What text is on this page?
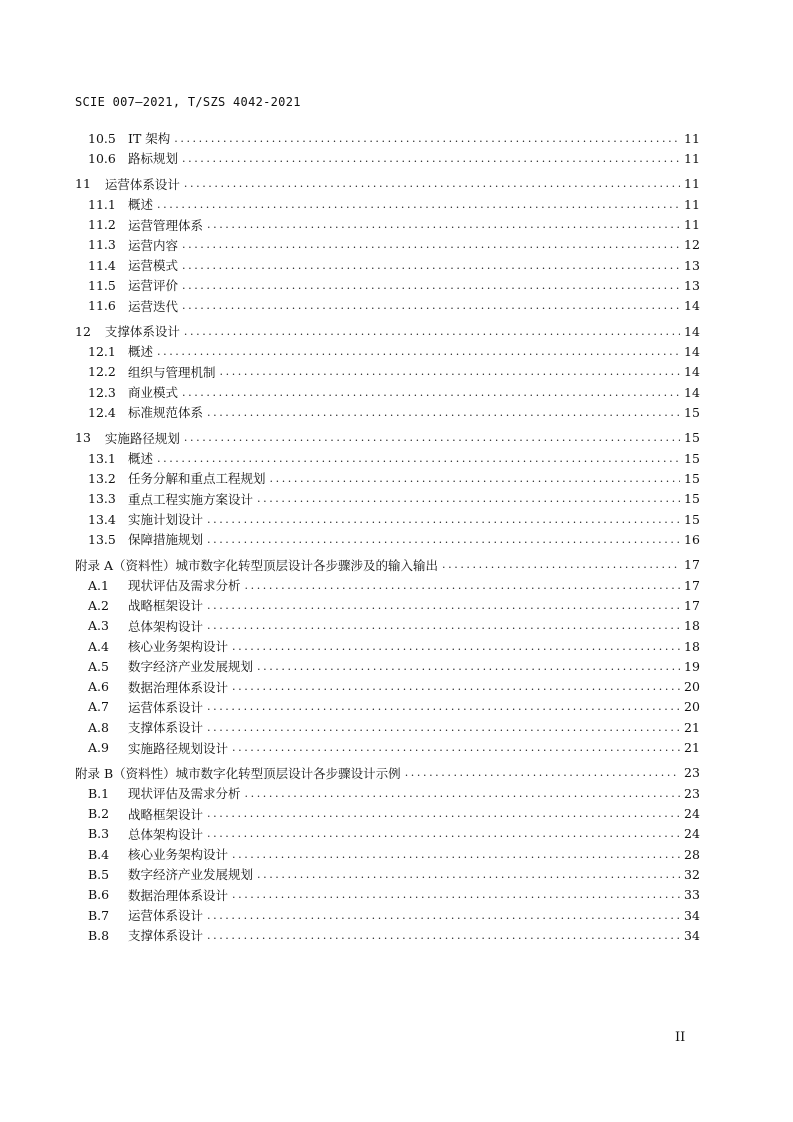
SCIE 007—2021, T/SZS 4042-2021
10.5 IT 架构 .....	11
10.6 路标规划 .....	11
11 运营体系设计 .....	11
11.1 概述 .....	11
11.2 运营管理体系 .....	11
11.3 运营内容 .....	12
11.4 运营模式 .....	13
11.5 运营评价 .....	13
11.6 运营迭代 .....	14
12 支撑体系设计 .....	14
12.1 概述 .....	14
12.2 组织与管理机制 .....	14
12.3 商业模式 .....	14
12.4 标准规范体系 .....	15
13 实施路径规划 .....	15
13.1 概述 .....	15
13.2 任务分解和重点工程规划 .....	15
13.3 重点工程实施方案设计 .....	15
13.4 实施计划设计 .....	15
13.5 保障措施规划 .....	16
附录 A （资料性）城市数字化转型顶层设计各步骤涉及的输入输出 .....	17
A.1	现状评估及需求分析 .....	17
A.2	战略框架设计 .....	17
A.3	总体架构设计 .....	18
A.4	核心业务架构设计 .....	18
A.5	数字经济产业发展规划 .....	19
A.6	数据治理体系设计 .....	20
A.7	运营体系设计 .....	20
A.8	支撑体系设计 .....	21
A.9	实施路径规划设计 .....	21
附录 B （资料性）城市数字化转型顶层设计各步骤设计示例 .....	23
B.1	现状评估及需求分析 .....	23
B.2	战略框架设计 .....	24
B.3	总体架构设计 .....	24
B.4	核心业务架构设计 .....	28
B.5	数字经济产业发展规划 .....	32
B.6	数据治理体系设计 .....	33
B.7	运营体系设计 .....	34
B.8	支撑体系设计 .....	34
II
